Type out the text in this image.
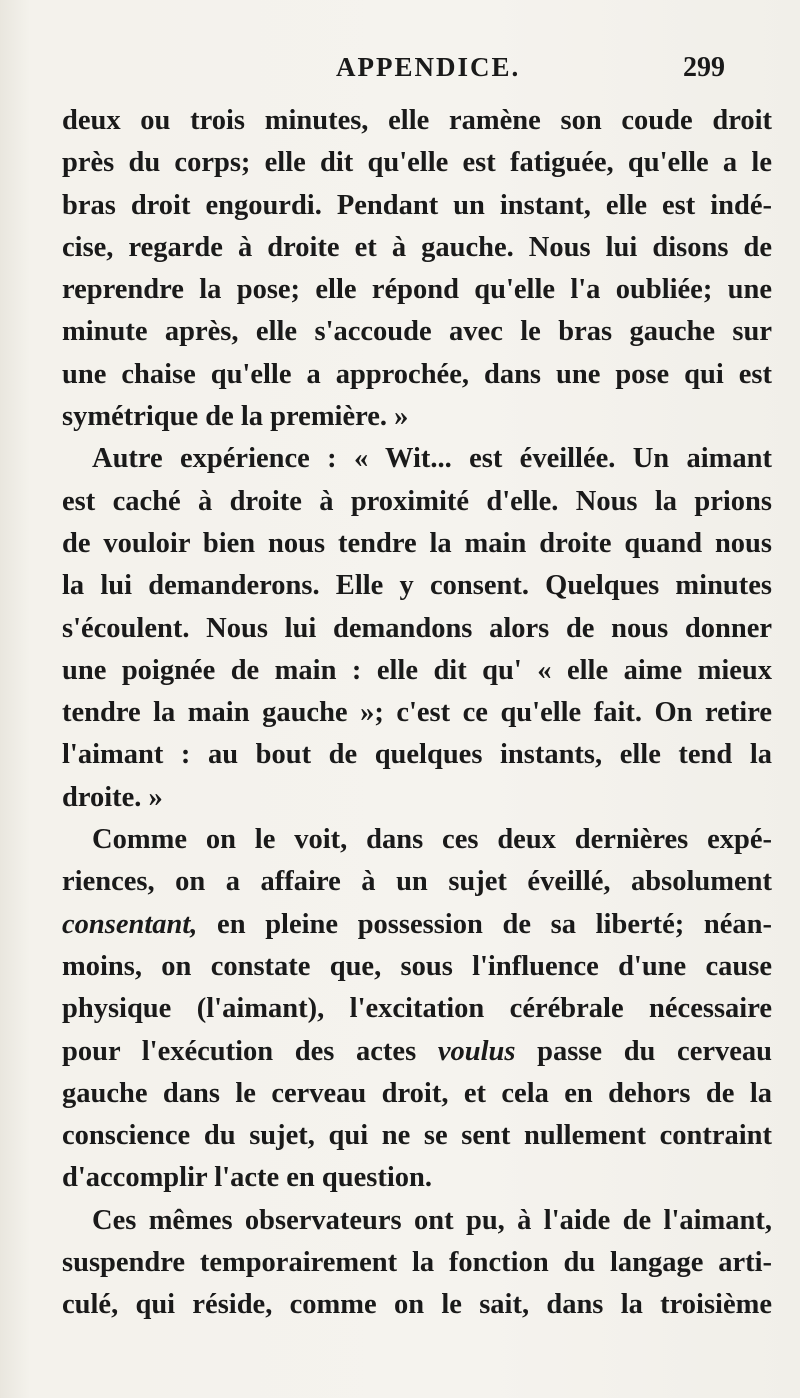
APPENDICE.	299
deux ou trois minutes, elle ramène son coude droit
près du corps; elle dit qu'elle est fatiguée, qu'elle a le
bras droit engourdi. Pendant un instant, elle est indé-
cise, regarde à droite et à gauche. Nous lui disons de
reprendre la pose; elle répond qu'elle l'a oubliée; une
minute après, elle s'accoude avec le bras gauche sur
une chaise qu'elle a approchée, dans une pose qui est
symétrique de la première. »
Autre expérience : « Wit... est éveillée. Un aimant
est caché à droite à proximité d'elle. Nous la prions
de vouloir bien nous tendre la main droite quand nous
la lui demanderons. Elle y consent. Quelques minutes
s'écoulent. Nous lui demandons alors de nous donner
une poignée de main : elle dit qu' « elle aime mieux
tendre la main gauche »; c'est ce qu'elle fait. On retire
l'aimant : au bout de quelques instants, elle tend la
droite. »
Comme on le voit, dans ces deux dernières expé-
riences, on a affaire à un sujet éveillé, absolument
consentant, en pleine possession de sa liberté; néan-
moins, on constate que, sous l'influence d'une cause
physique (l'aimant), l'excitation cérébrale nécessaire
pour l'exécution des actes voulus passe du cerveau
gauche dans le cerveau droit, et cela en dehors de la
conscience du sujet, qui ne se sent nullement contraint
d'accomplir l'acte en question.
Ces mêmes observateurs ont pu, à l'aide de l'aimant,
suspendre temporairement la fonction du langage arti-
culé, qui réside, comme on le sait, dans la troisième
